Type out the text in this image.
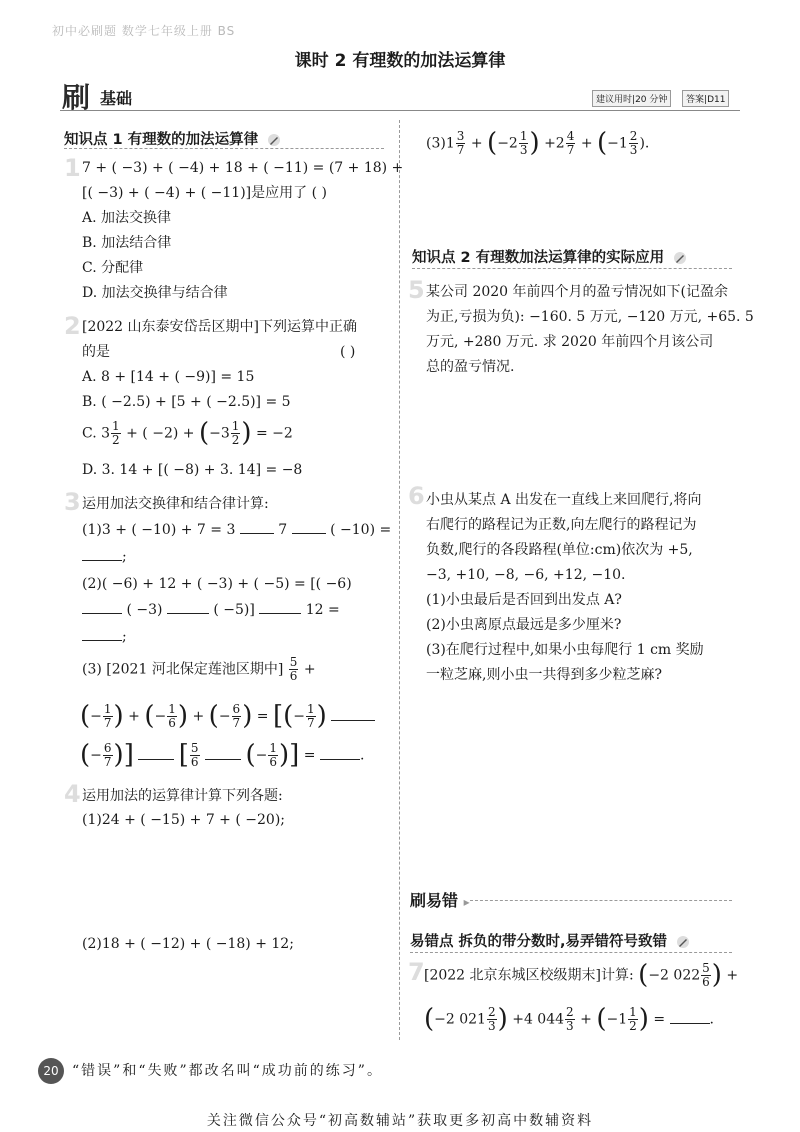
初中必刷题 数学七年级上册 BS
课时 2 有理数的加法运算律
刷 基础	建议用时|20 分钟	答案|D11
知识点 1 有理数的加法运算律
1 7 + ( −3) + ( −4) + 18 + ( −11) = (7 + 18) +
[( −3) + ( −4) + ( −11)]是应用了 ( )
A. 加法交换律
B. 加法结合律
C. 分配律
D. 加法交换律与结合律
2 [2022 山东泰安岱岳区期中]下列运算中正确
的是	( )
A. 8 + [14 + ( −9)] = 15
B. ( −2.5) + [5 + ( −2.5)] = 5
C. $3 \frac{1}{2}$ + ( $-2) + (-3 \frac{1}{2}$ ) = −2
D. 3. 14 + [( −8) + 3. 14] = −8
3 运用加法交换律和结合律计算:
(1)3 + ( −10) + 7 = 3	7	( −10) =
;
(2)( −6) + 12 + ( −3) + ( −5) = [( −6)
( −3)	( −5)]	12 =
;
(3) [2021 河北保定莲池区期中] $\frac{5}{6}$ +
(− $\frac{1}{7}$ ) + (− $\frac{1}{6}$ ) + (− $\frac{6}{7}$ ) = [(− $\frac{1}{7}$ )
(− $\frac{6}{7}$ )] [ $\frac{5}{6}$ (− $\frac{1}{6}$ )] =	.
4 运用加法的运算律计算下列各题:
(1)24 + ( −15) + 7 + ( −20);
(2)18 + ( −12) + ( −18) + 12;
$(3)1 \frac{3}{7} + (-2 \frac{1}{3}$ ) $+2 \frac{4}{7} + (-1 \frac{2}{3}$ ).
知识点 2 有理数加法运算律的实际应用
5 某公司 2020 年前四个月的盈亏情况如下(记盈余
为正,亏损为负): −160. 5 万元, −120 万元, +65. 5
万元, +280 万元. 求 2020 年前四个月该公司
总的盈亏情况.
6 小虫从某点 A 出发在一直线上来回爬行,将向
右爬行的路程记为正数,向左爬行的路程记为
负数,爬行的各段路程(单位:cm)依次为 +5,
−3, +10, −8, −6, +12, −10.
(1)小虫最后是否回到出发点 A?
(2)小虫离原点最远是多少厘米?
(3)在爬行过程中,如果小虫每爬行 1 cm 奖励
一粒芝麻,则小虫一共得到多少粒芝麻?
刷易错 ▸
易错点 拆负的带分数时,易弄错符号致错
7 [2022 北京东城区校级期末]计算: (−2 $022 \frac{5}{6}$ ) +
(−2 $021 \frac{2}{3}$ ) +4 $044 \frac{2}{3} + (-1 \frac{1}{2}$ ) =	.
20 “错误”和“失败”都改名叫“成功前的练习”。
关注微信公众号“初高数辅站”获取更多初高中数辅资料
